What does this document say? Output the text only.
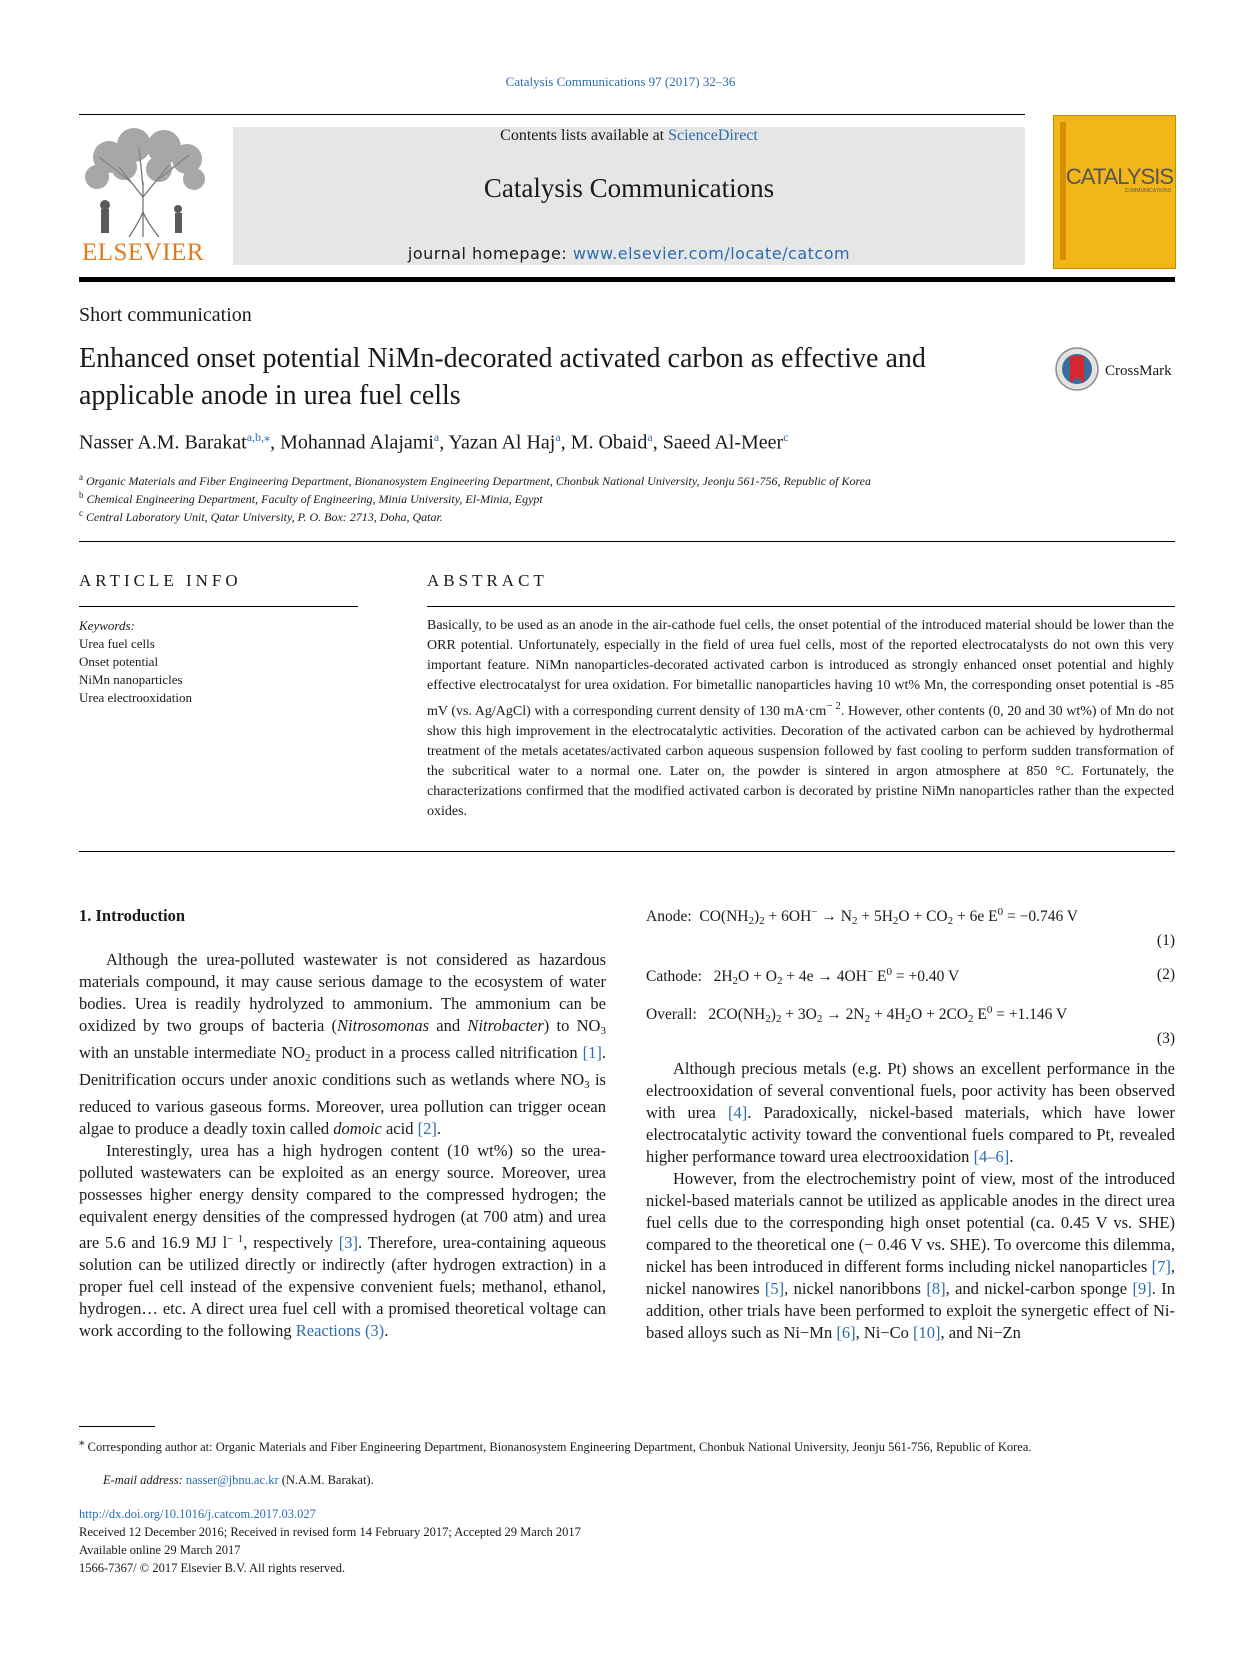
Catalysis Communications 97 (2017) 32–36
ELSEVIER
Contents lists available at ScienceDirect
Catalysis Communications
journal homepage: www.elsevier.com/locate/catcom
CATALYSIS
COMMUNICATIONS
Short communication
Enhanced onset potential NiMn-decorated activated carbon as effective and applicable anode in urea fuel cells
CrossMark
Nasser A.M. Barakat$^{a,b,⁎}$, Mohannad Alajami$^a$, Yazan Al Haj$^a$, M. Obaid$^a$, Saeed Al-Meer$^c$
$^a$ Organic Materials and Fiber Engineering Department, Bionanosystem Engineering Department, Chonbuk National University, Jeonju 561-756, Republic of Korea
$^b$ Chemical Engineering Department, Faculty of Engineering, Minia University, El-Minia, Egypt
$^c$ Central Laboratory Unit, Qatar University, P. O. Box: 2713, Doha, Qatar.
ARTICLE INFO
Keywords:
Urea fuel cells
Onset potential
NiMn nanoparticles
Urea electrooxidation
ABSTRACT
Basically, to be used as an anode in the air-cathode fuel cells, the onset potential of the introduced material should be lower than the ORR potential. Unfortunately, especially in the field of urea fuel cells, most of the reported electrocatalysts do not own this very important feature. NiMn nanoparticles-decorated activated carbon is introduced as strongly enhanced onset potential and highly effective electrocatalyst for urea oxidation. For bimetallic nanoparticles having 10 wt% Mn, the corresponding onset potential is -85 mV (vs. Ag/AgCl) with a corresponding current density of 130 $mA\cdot cm^{- 2}$. However, other contents (0, 20 and 30 wt%) of Mn do not show this high improvement in the electrocatalytic activities. Decoration of the activated carbon can be achieved by hydrothermal treatment of the metals acetates/activated carbon aqueous suspension followed by fast cooling to perform sudden transformation of the subcritical water to a normal one. Later on, the powder is sintered in argon atmosphere at 850 °C. Fortunately, the characterizations confirmed that the modified activated carbon is decorated by pristine NiMn nanoparticles rather than the expected oxides.
1. Introduction

Although the urea-polluted wastewater is not considered as hazardous materials compound, it may cause serious damage to the ecosystem of water bodies. Urea is readily hydrolyzed to ammonium. The ammonium can be oxidized by two groups of bacteria (Nitrosomonas and Nitrobacter) to $NO_3$ with an unstable intermediate $NO_2$ product in a process called nitrification [1]. Denitrification occurs under anoxic conditions such as wetlands where $NO_3$ is reduced to various gaseous forms. Moreover, urea pollution can trigger ocean algae to produce a deadly toxin called domoic acid [2].

Interestingly, urea has a high hydrogen content (10 wt%) so the urea-polluted wastewaters can be exploited as an energy source. Moreover, urea possesses higher energy density compared to the compressed hydrogen; the equivalent energy densities of the compressed hydrogen (at 700 atm) and urea are 5.6 and 16.9 MJ $l^{- 1}$, respectively [3]. Therefore, urea-containing aqueous solution can be utilized directly or indirectly (after hydrogen extraction) in a proper fuel cell instead of the expensive convenient fuels; methanol, ethanol, hydrogen… etc. A direct urea fuel cell with a promised theoretical voltage can work according to the following Reactions (3).

Anode: $CO(NH_2)_2 + 6OH^- \to N_2 + 5H_2O + CO_2 + 6e$ $E^0 = -0.746$ V
(1)
Cathode: $2H_2O + O_2 + 4e \to 4OH^-$ $E^0 = +0.40$ V	(2)
Overall: $2CO(NH_2)_2 + 3O_2 \to 2N_2 + 4H_2O + 2CO_2$ $E^0 = +1.146$ V
(3)

Although precious metals (e.g. Pt) shows an excellent performance in the electrooxidation of several conventional fuels, poor activity has been observed with urea [4]. Paradoxically, nickel-based materials, which have lower electrocatalytic activity toward the conventional fuels compared to Pt, revealed higher performance toward urea electrooxidation [4–6].

However, from the electrochemistry point of view, most of the introduced nickel-based materials cannot be utilized as applicable anodes in the direct urea fuel cells due to the corresponding high onset potential (ca. 0.45 V vs. SHE) compared to the theoretical one (− 0.46 V vs. SHE). To overcome this dilemma, nickel has been introduced in different forms including nickel nanoparticles [7], nickel nanowires [5], nickel nanoribbons [8], and nickel-carbon sponge [9]. In addition, other trials have been performed to exploit the synergetic effect of Ni-based alloys such as Ni−Mn [6], Ni−Co [10], and Ni−Zn

⁎ Corresponding author at: Organic Materials and Fiber Engineering Department, Bionanosystem Engineering Department, Chonbuk National University, Jeonju 561-756, Republic of Korea.
E-mail address: nasser@jbnu.ac.kr (N.A.M. Barakat).
http://dx.doi.org/10.1016/j.catcom.2017.03.027
Received 12 December 2016; Received in revised form 14 February 2017; Accepted 29 March 2017
Available online 29 March 2017
1566-7367/ © 2017 Elsevier B.V. All rights reserved.
